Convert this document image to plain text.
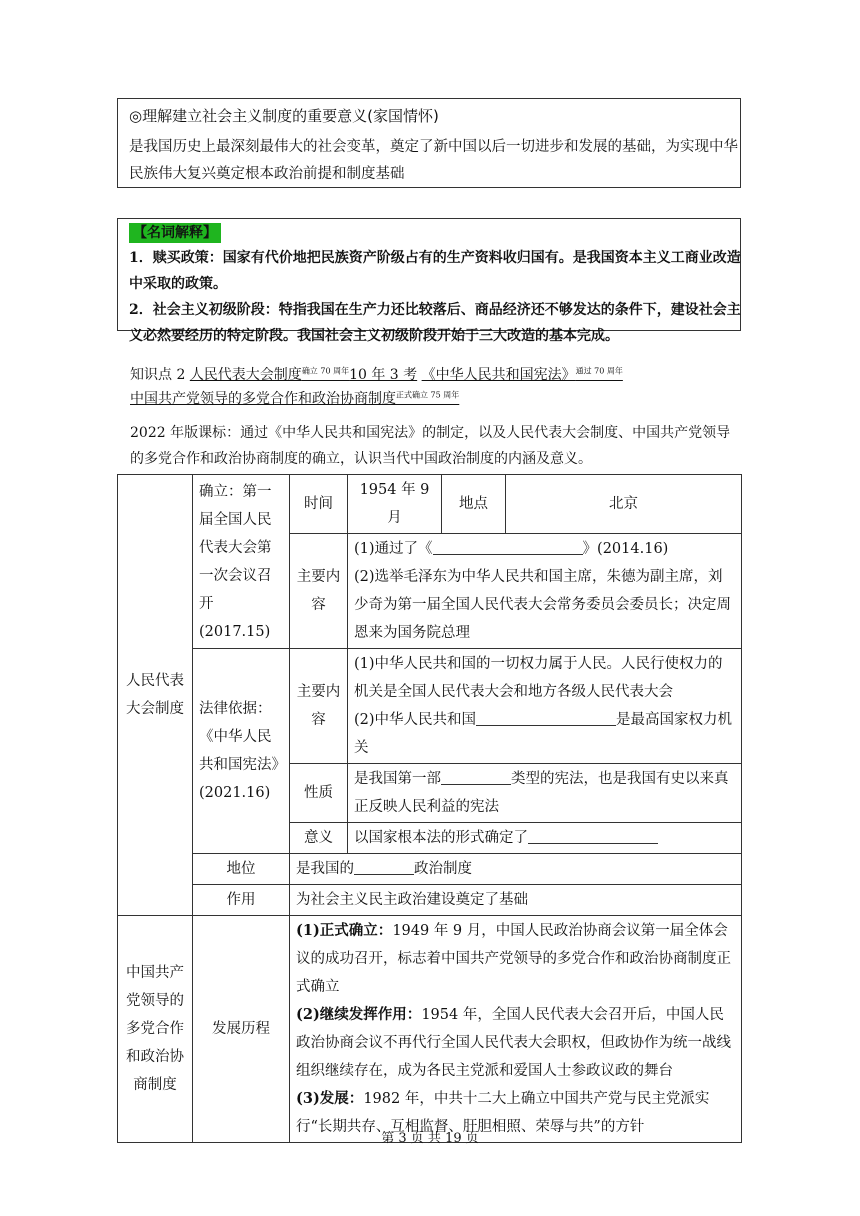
◎理解建立社会主义制度的重要意义(家国情怀)
是我国历史上最深刻最伟大的社会变革，奠定了新中国以后一切进步和发展的基础，为实现中华民族伟大复兴奠定根本政治前提和制度基础
【名词解释】
1．赎买政策：国家有代价地把民族资产阶级占有的生产资料收归国有。是我国资本主义工商业改造中采取的政策。
2．社会主义初级阶段：特指我国在生产力还比较落后、商品经济还不够发达的条件下，建设社会主义必然要经历的特定阶段。我国社会主义初级阶段开始于三大改造的基本完成。
知识点 2 人民代表大会制度$^{确立 70 周年}$10 年 3 考 《中华人民共和国宪法》$^{通过 70 周年}$
中国共产党领导的多党合作和政治协商制度$^{正式确立 75 周年}$
2022 年版课标：通过《中华人民共和国宪法》的制定，以及人民代表大会制度、中国共产党领导的多党合作和政治协商制度的确立，认识当代中国政治制度的内涵及意义。
人民代表大会制度	确立：第一届全国人民代表大会第一次会议召开(2017.15)	时间	1954 年 9 月	地点	北京
		主要内容	(1)通过了《 》(2014.16)
(2)选举毛泽东为中华人民共和国主席，朱德为副主席，刘少奇为第一届全国人民代表大会常务委员会委员长；决定周恩来为国务院总理		
	法律依据：《中华人民共和国宪法》(2021.16)	主要内容	(1)中华人民共和国的一切权力属于人民。人民行使权力的机关是全国人民代表大会和地方各级人民代表大会
(2)中华人民共和国 是最高国家权力机关		
		性质	是我国第一部 类型的宪法，也是我国有史以来真正反映人民利益的宪法		
		意义	以国家根本法的形式确定了		
	地位	是我国的 政治制度			
	作用	为社会主义民主政治建设奠定了基础			
中国共产党领导的多党合作和政治协商制度	发展历程	(1)正式确立：1949 年 9 月，中国人民政治协商会议第一届全体会议的成功召开，标志着中国共产党领导的多党合作和政治协商制度正式确立
(2)继续发挥作用：1954 年，全国人民代表大会召开后，中国人民政治协商会议不再代行全国人民代表大会职权，但政协作为统一战线组织继续存在，成为各民主党派和爱国人士参政议政的舞台
(3)发展：1982 年，中共十二大上确立中国共产党与民主党派实行“长期共存、互相监督、肝胆相照、荣辱与共”的方针			
第 3 页 共 19 页
